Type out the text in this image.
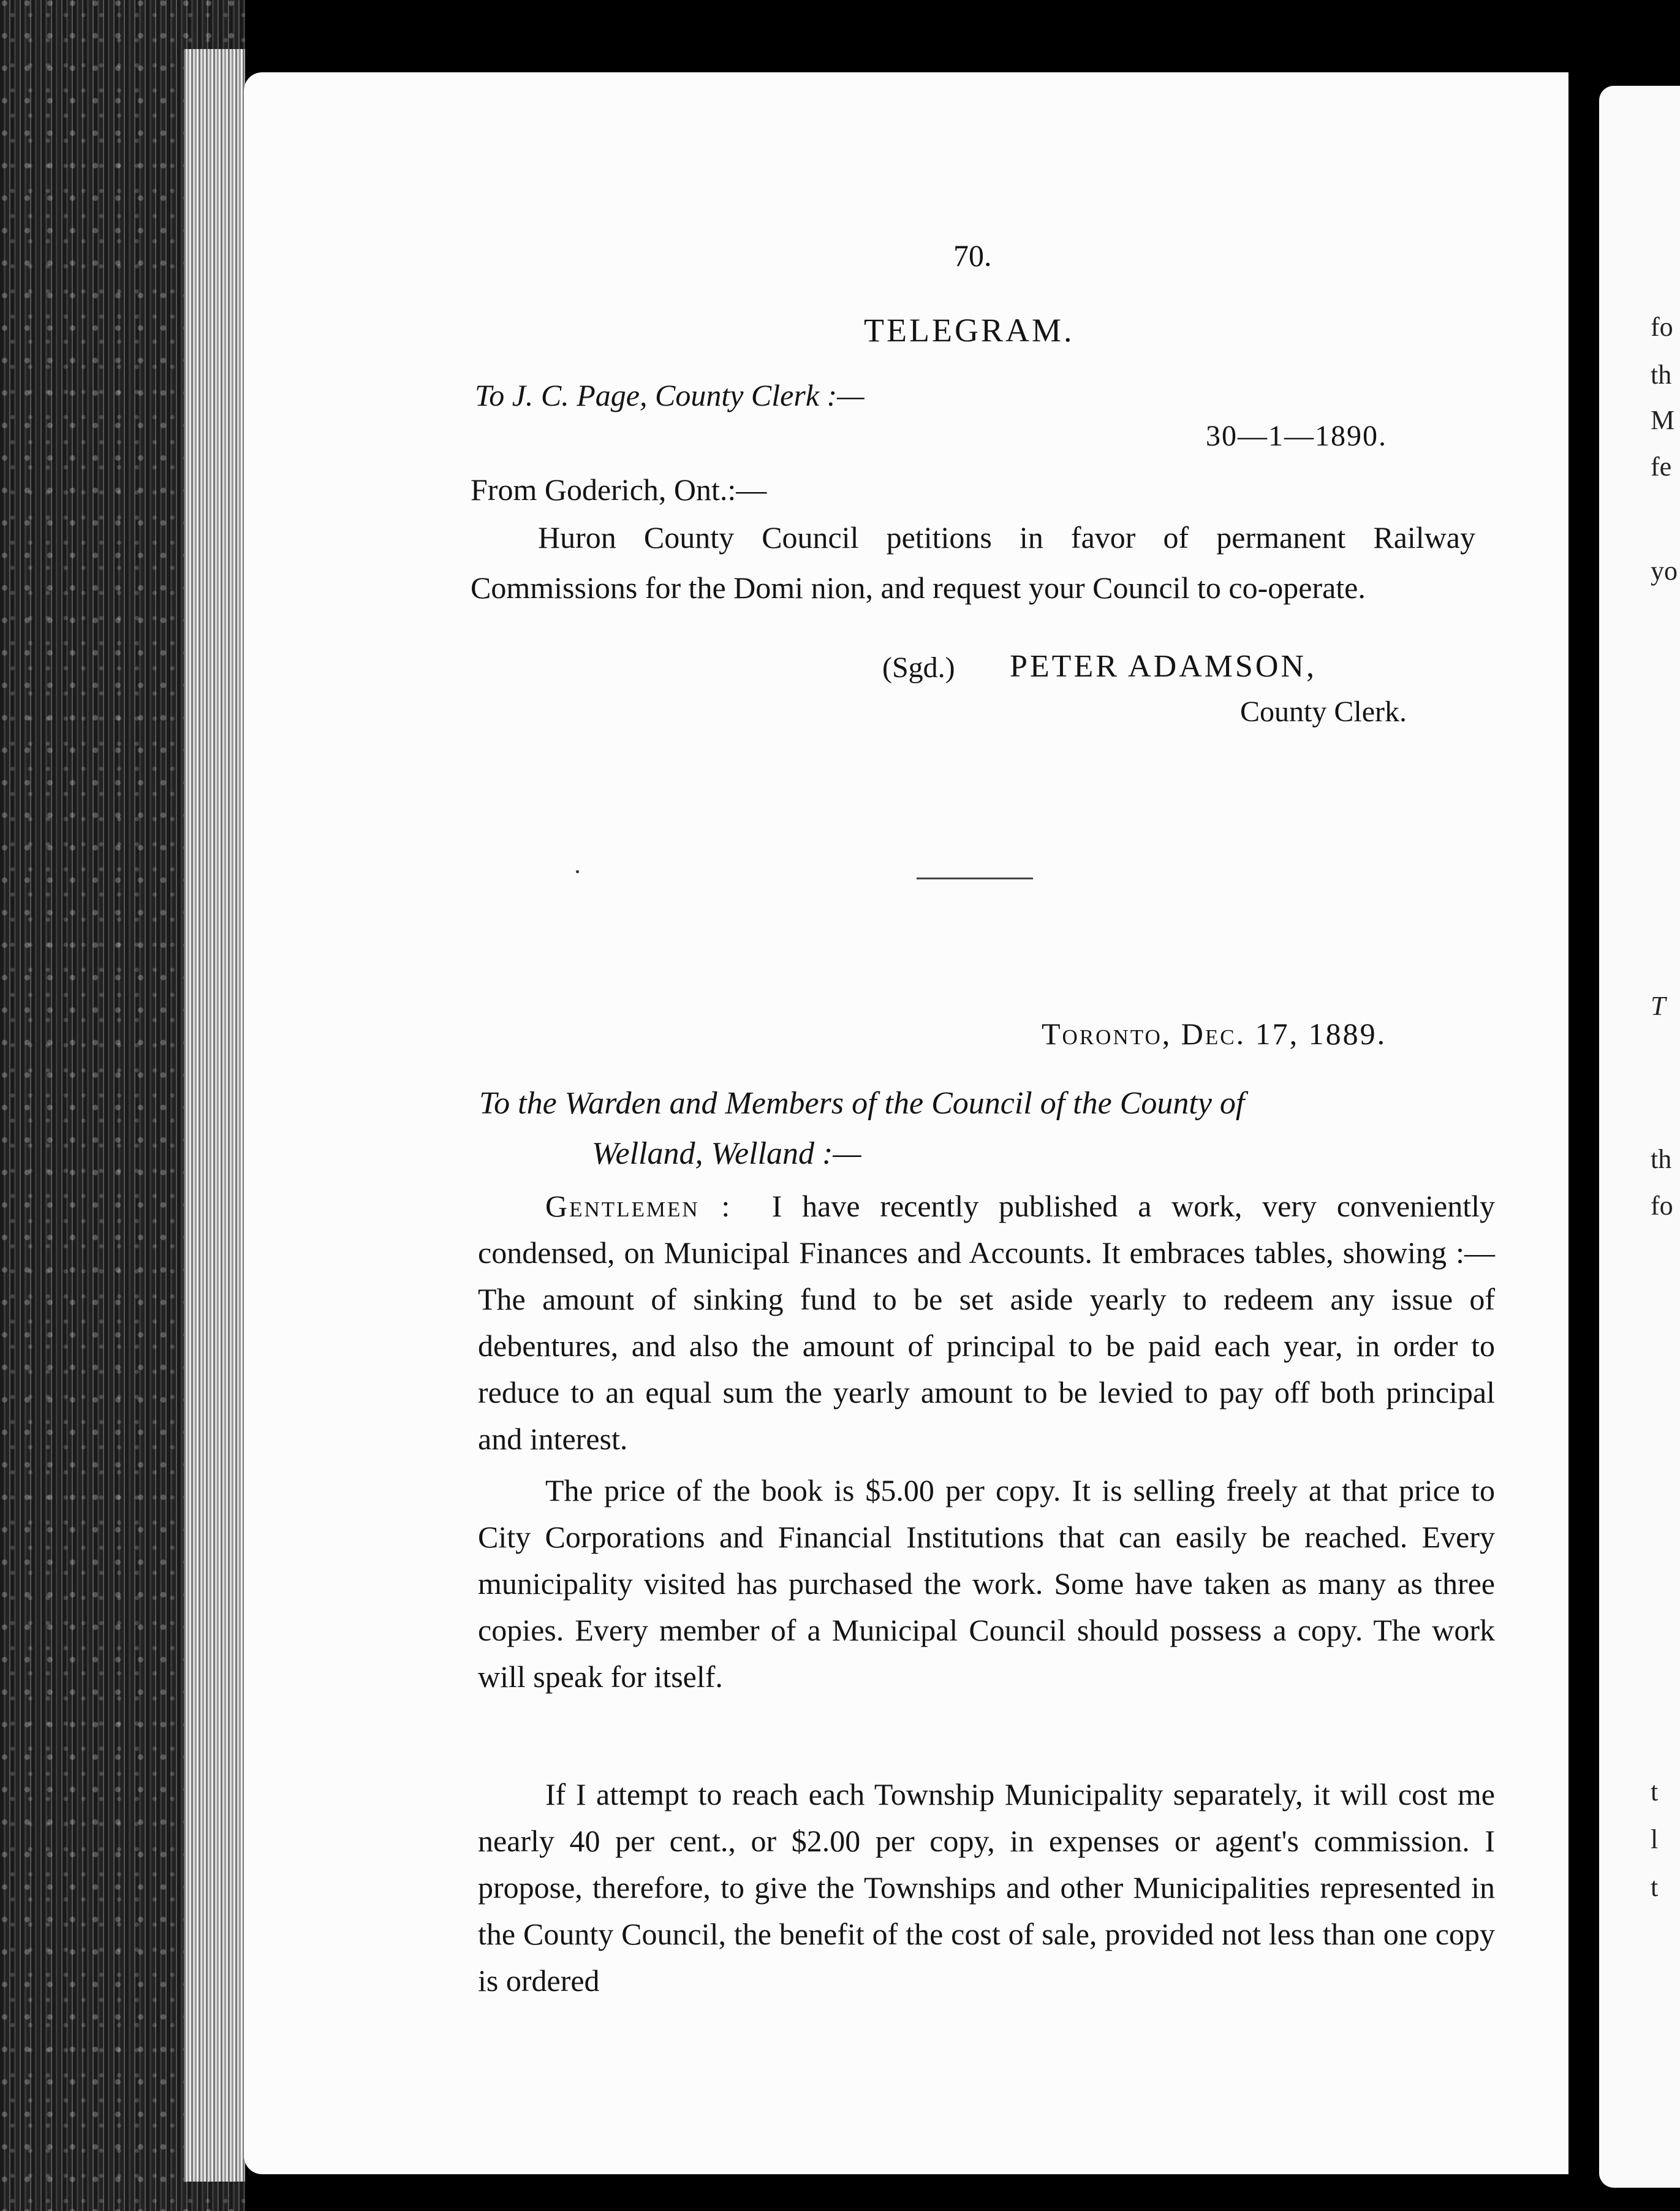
fo
th
M
fe
yo
T
th
fo
t
l
t
70.
TELEGRAM.
To J. C. Page, County Clerk :—
30—1—1890.
From Goderich, Ont.:—
Huron County Council petitions in favor of permanent Railway Commissions for the Domi nion, and request your Council to co-operate.
(Sgd.) PETER ADAMSON,
County Clerk.
Toronto, Dec. 17, 1889.
To the Warden and Members of the Council of the County of
Welland, Welland :—
Gentlemen : I have recently published a work, very conveniently condensed, on Municipal Finances and Accounts. It embraces tables, showing :—The amount of sinking fund to be set aside yearly to redeem any issue of debentures, and also the amount of principal to be paid each year, in order to reduce to an equal sum the yearly amount to be levied to pay off both principal and interest.
The price of the book is $5.00 per copy. It is selling freely at that price to City Corporations and Financial Institutions that can easily be reached. Every municipality visited has purchased the work. Some have taken as many as three copies. Every member of a Municipal Council should possess a copy. The work will speak for itself.
If I attempt to reach each Township Municipality separately, it will cost me nearly 40 per cent., or $2.00 per copy, in expenses or agent's commission. I propose, therefore, to give the Townships and other Municipalities represented in the County Council, the benefit of the cost of sale, provided not less than one copy is ordered
